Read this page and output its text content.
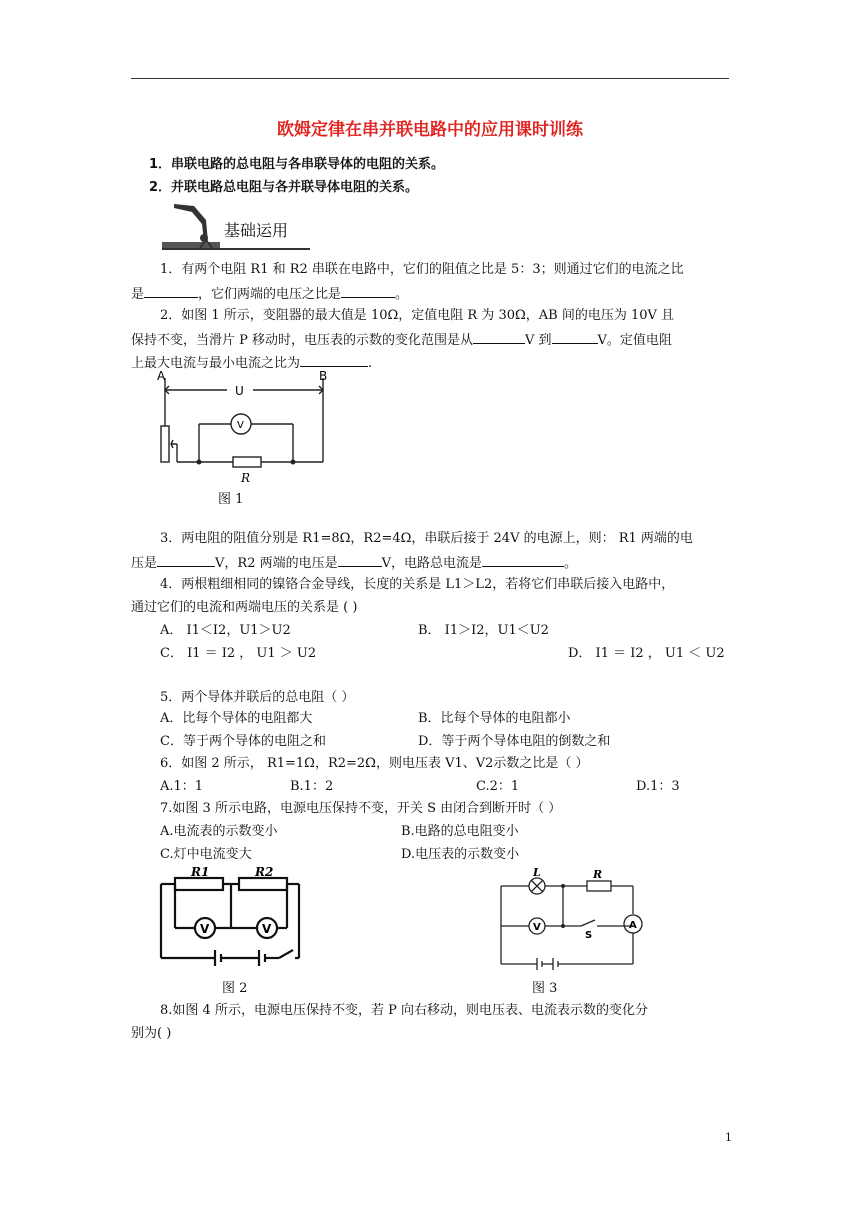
欧姆定律在串并联电路中的应用课时训练
1．串联电路的总电阻与各串联导体的电阻的关系。
2．并联电路总电阻与各并联导体电阻的关系。
基础运用
1．有两个电阻 R1 和 R2 串联在电路中，它们的阻值之比是 5：3；则通过它们的电流之比
是	，它们两端的电压之比是	。
2．如图 1 所示，变阻器的最大值是 10Ω，定值电阻 R 为 30Ω，AB 间的电压为 10V 且
保持不变，当滑片 P 移动时，电压表的示数的变化范围是从	V 到	V。定值电阻
上最大电流与最小电流之比为	.
A	B
U
V
R
图 1
3．两电阻的阻值分别是 R1=8Ω，R2=4Ω，串联后接于 24V 的电源上，则： R1 两端的电
压是	V，R2 两端的电压是	V，电路总电流是	。
4．两根粗细相同的镍铬合金导线，长度的关系是 L1＞L2，若将它们串联后接入电路中，
通过它们的电流和两端电压的关系是 ( )
A． I1＜I2，U1＞U2	B． I1＞I2，U1＜U2
C． I1 ＝ I2 ， U1 ＞ U2	D． I1 ＝ I2 ， U1 ＜ U2
5．两个导体并联后的总电阻（ ）
A．比每个导体的电阻都大	B．比每个导体的电阻都小
C．等于两个导体的电阻之和	D．等于两个导体电阻的倒数之和
6．如图 2 所示， R1=1Ω，R2=2Ω，则电压表 V1、V2示数之比是（ ）
A.1：1	B.1：2	C.2：1	D.1：3
7.如图 3 所示电路，电源电压保持不变，开关 S 由闭合到断开时（ ）
A.电流表的示数变小	B.电路的总电阻变小
C.灯中电流变大	D.电压表的示数变小
R1	R2
V	V
图 2
L	R
V
S
A
图 3
8.如图 4 所示，电源电压保持不变，若 P 向右移动，则电压表、电流表示数的变化分
别为( )
1
